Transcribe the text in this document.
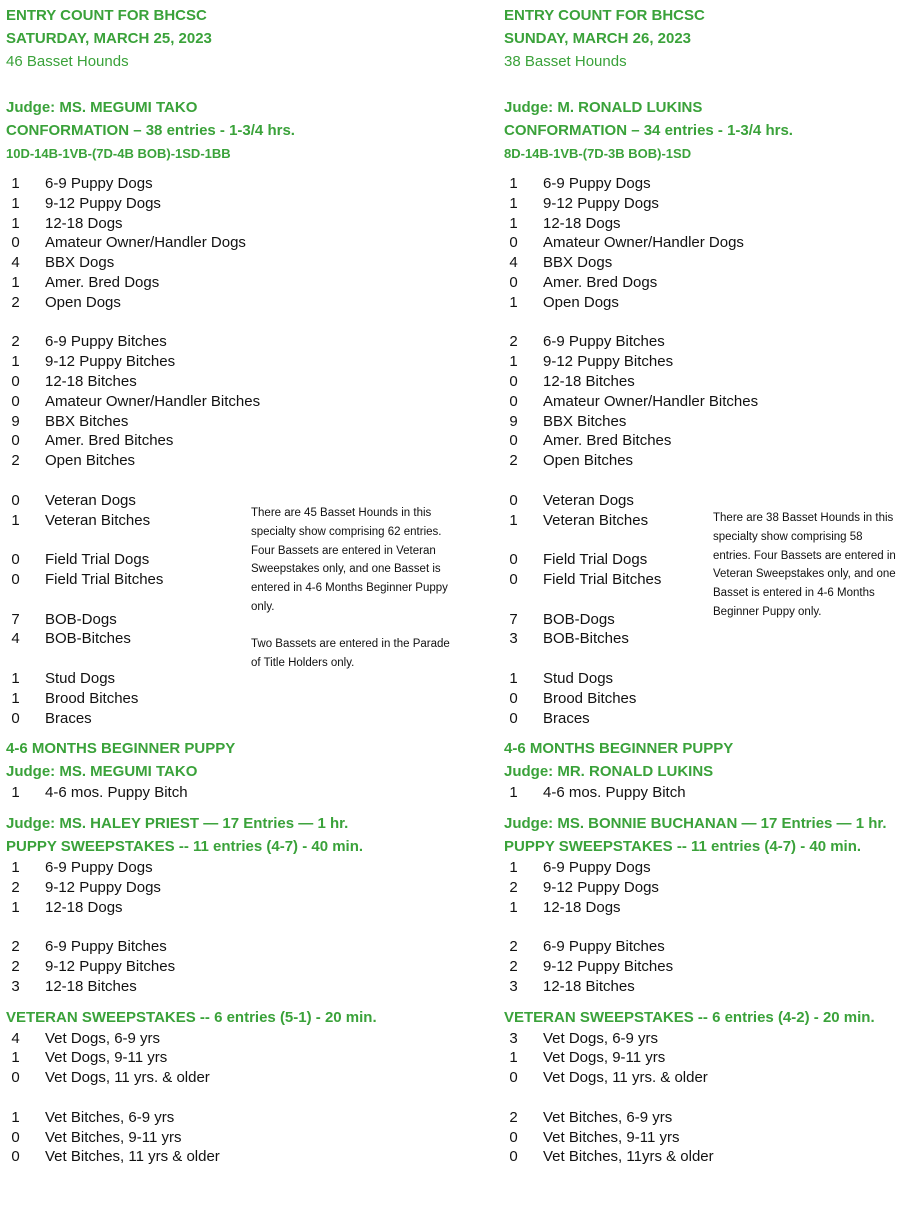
ENTRY COUNT FOR BHCSC
SATURDAY, MARCH 25, 2023
46 Basset Hounds
Judge: MS. MEGUMI TAKO
CONFORMATION – 38 entries - 1-3/4 hrs.
10D-14B-1VB-(7D-4B BOB)-1SD-1BB
1 6-9 Puppy Dogs
1 9-12 Puppy Dogs
1 12-18 Dogs
0 Amateur Owner/Handler Dogs
4 BBX Dogs
1 Amer. Bred Dogs
2 Open Dogs
2 6-9 Puppy Bitches
1 9-12 Puppy Bitches
0 12-18 Bitches
0 Amateur Owner/Handler Bitches
9 BBX Bitches
0 Amer. Bred Bitches
2 Open Bitches
0 Veteran Dogs
1 Veteran Bitches
0 Field Trial Dogs
0 Field Trial Bitches
7 BOB-Dogs
4 BOB-Bitches
1 Stud Dogs
1 Brood Bitches
0 Braces
4-6 MONTHS BEGINNER PUPPY
Judge: MS. MEGUMI TAKO
1 4-6 mos. Puppy Bitch
Judge: MS. HALEY PRIEST — 17 Entries — 1 hr.
PUPPY SWEEPSTAKES -- 11 entries (4-7) - 40 min.
1 6-9 Puppy Dogs
2 9-12 Puppy Dogs
1 12-18 Dogs
2 6-9 Puppy Bitches
2 9-12 Puppy Bitches
3 12-18 Bitches
VETERAN SWEEPSTAKES -- 6 entries (5-1) - 20 min.
4 Vet Dogs, 6-9 yrs
1 Vet Dogs, 9-11 yrs
0 Vet Dogs, 11 yrs. & older
1 Vet Bitches, 6-9 yrs
0 Vet Bitches, 9-11 yrs
0 Vet Bitches, 11 yrs & older

There are 45 Basset Hounds in this specialty show comprising 62 entries. Four Bassets are entered in Veteran Sweepstakes only, and one Basset is entered in 4-6 Months Beginner Puppy only.

Two Bassets are entered in the Parade of Title Holders only.

ENTRY COUNT FOR BHCSC
SUNDAY, MARCH 26, 2023
38 Basset Hounds
Judge: M. RONALD LUKINS
CONFORMATION – 34 entries - 1-3/4 hrs.
8D-14B-1VB-(7D-3B BOB)-1SD
1 6-9 Puppy Dogs
1 9-12 Puppy Dogs
1 12-18 Dogs
0 Amateur Owner/Handler Dogs
4 BBX Dogs
0 Amer. Bred Dogs
1 Open Dogs
2 6-9 Puppy Bitches
1 9-12 Puppy Bitches
0 12-18 Bitches
0 Amateur Owner/Handler Bitches
9 BBX Bitches
0 Amer. Bred Bitches
2 Open Bitches
0 Veteran Dogs
1 Veteran Bitches
0 Field Trial Dogs
0 Field Trial Bitches
7 BOB-Dogs
3 BOB-Bitches
1 Stud Dogs
0 Brood Bitches
0 Braces
4-6 MONTHS BEGINNER PUPPY
Judge: MR. RONALD LUKINS
1 4-6 mos. Puppy Bitch
Judge: MS. BONNIE BUCHANAN — 17 Entries — 1 hr.
PUPPY SWEEPSTAKES -- 11 entries (4-7) - 40 min.
1 6-9 Puppy Dogs
2 9-12 Puppy Dogs
1 12-18 Dogs
2 6-9 Puppy Bitches
2 9-12 Puppy Bitches
3 12-18 Bitches
VETERAN SWEEPSTAKES -- 6 entries (4-2) - 20 min.
3 Vet Dogs, 6-9 yrs
1 Vet Dogs, 9-11 yrs
0 Vet Dogs, 11 yrs. & older
2 Vet Bitches, 6-9 yrs
0 Vet Bitches, 9-11 yrs
0 Vet Bitches, 11yrs & older

There are 38 Basset Hounds in this specialty show comprising 58 entries. Four Bassets are entered in Veteran Sweepstakes only, and one Basset is entered in 4-6 Months Beginner Puppy only.
